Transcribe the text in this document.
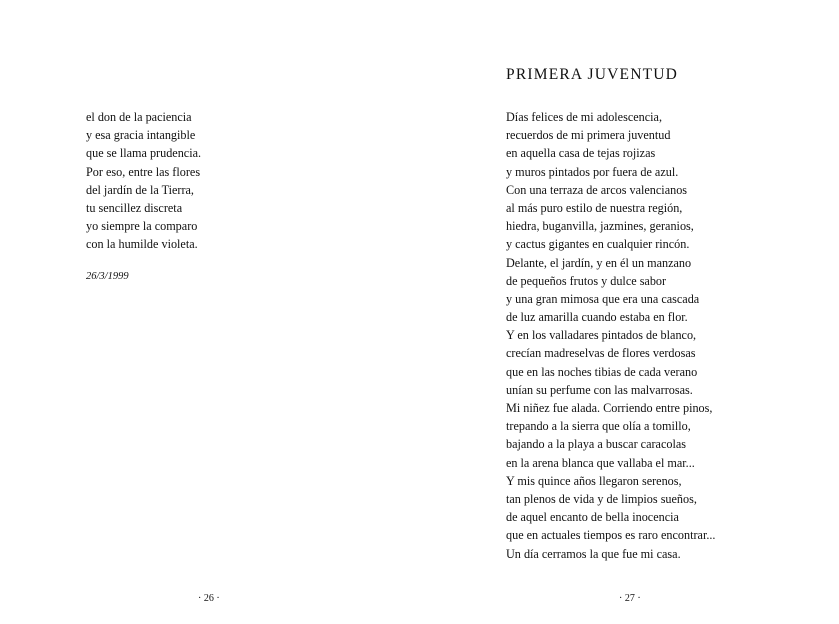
el don de la paciencia
y esa gracia intangible
que se llama prudencia.
Por eso, entre las flores
del jardín de la Tierra,
tu sencillez discreta
yo siempre la comparo
con la humilde violeta.
26/3/1999
· 26 ·
PRIMERA JUVENTUD
Días felices de mi adolescencia,
recuerdos de mi primera juventud
en aquella casa de tejas rojizas
y muros pintados por fuera de azul.
Con una terraza de arcos valencianos
al más puro estilo de nuestra región,
hiedra, buganvilla, jazmines, geranios,
y cactus gigantes en cualquier rincón.
Delante, el jardín, y en él un manzano
de pequeños frutos y dulce sabor
y una gran mimosa que era una cascada
de luz amarilla cuando estaba en flor.
Y en los valladares pintados de blanco,
crecían madreselvas de flores verdosas
que en las noches tibias de cada verano
unían su perfume con las malvarrosas.
Mi niñez fue alada. Corriendo entre pinos,
trepando a la sierra que olía a tomillo,
bajando a la playa a buscar caracolas
en la arena blanca que vallaba el mar...
Y mis quince años llegaron serenos,
tan plenos de vida y de limpios sueños,
de aquel encanto de bella inocencia
que en actuales tiempos es raro encontrar...
Un día cerramos la que fue mi casa.
· 27 ·
